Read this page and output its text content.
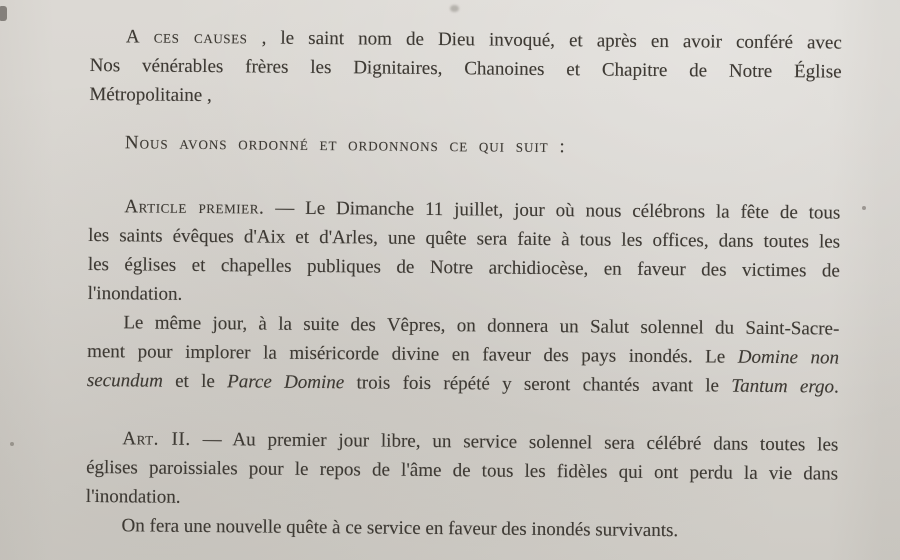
A ces causes , le saint nom de Dieu invoqué, et après en avoir conféré avec
Nos vénérables frères les Dignitaires, Chanoines et Chapitre de Notre Église
Métropolitaine ,
Nous avons ordonné et ordonnons ce qui suit :
Article premier. — Le Dimanche 11 juillet, jour où nous célébrons la fête de tous
les saints évêques d'Aix et d'Arles, une quête sera faite à tous les offices, dans toutes les
les églises et chapelles publiques de Notre archidiocèse, en faveur des victimes de
l'inondation.
Le même jour, à la suite des Vêpres, on donnera un Salut solennel du Saint-Sacre-
ment pour implorer la miséricorde divine en faveur des pays inondés. Le Domine non
secundum et le Parce Domine trois fois répété y seront chantés avant le Tantum ergo.
Art. II. — Au premier jour libre, un service solennel sera célébré dans toutes les
églises paroissiales pour le repos de l'âme de tous les fidèles qui ont perdu la vie dans
l'inondation.
On fera une nouvelle quête à ce service en faveur des inondés survivants.
